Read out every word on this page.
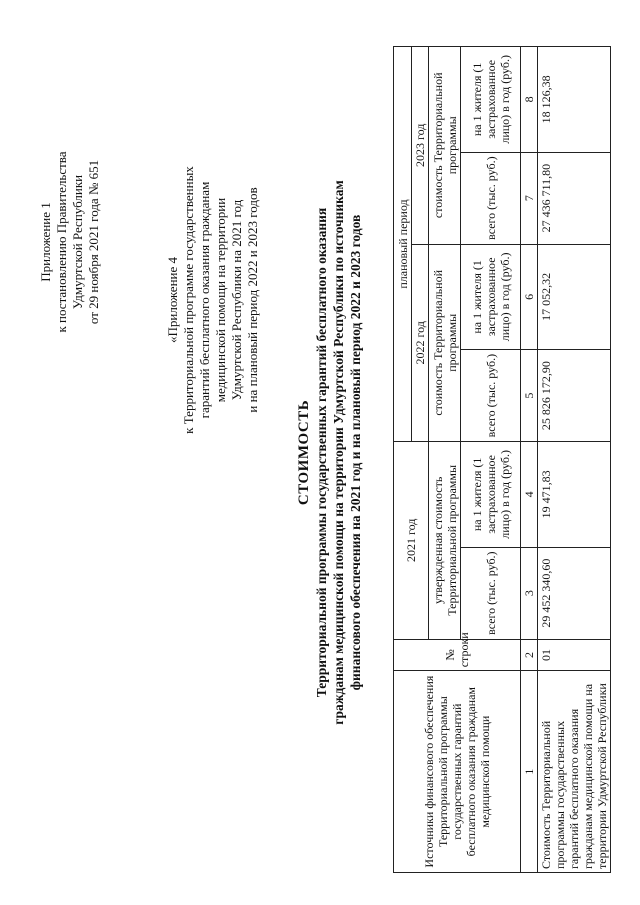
Приложение 1 к постановлению Правительства Удмуртской Республики от 29 ноября 2021 года № 651	«Приложение 4 к Территориальной программе государственных гарантий бесплатного оказания гражданам медицинской помощи на территории Удмуртской Республики на 2021 год и на плановый период 2022 и 2023 годов
СТОИМОСТЬ Территориальной программы государственных гарантий бесплатного оказания гражданам медицинской помощи на территории Удмуртской Республики по источникам финансового обеспечения на 2021 год и на плановый период 2022 и 2023 годов
Источники финансового обеспечения Территориальной программы государственных гарантий бесплатного оказания гражданам медицинской помощи	№ строки	2021 год		плановый период			
				2022 год		2023 год	
		утвержденная стоимость Территориальной программы		стоимость Территориальной программы		стоимость Территориальной программы	
		всего (тыс. руб.)	на 1 жителя (1 застрахованное лицо) в год (руб.)	всего (тыс. руб.)	на 1 жителя (1 застрахованное лицо) в год (руб.)	всего (тыс. руб.)	на 1 жителя (1 застрахованное лицо) в год (руб.)
1	2	3	4	5	6	7	8
Стоимость Территориальной программы государственных гарантий бесплатного оказания гражданам медицинской помощи на территории Удмуртской Республики	01	29 452 340,60	19 471,83	25 826 172,90	17 052,32	27 436 711,80	18 126,38
